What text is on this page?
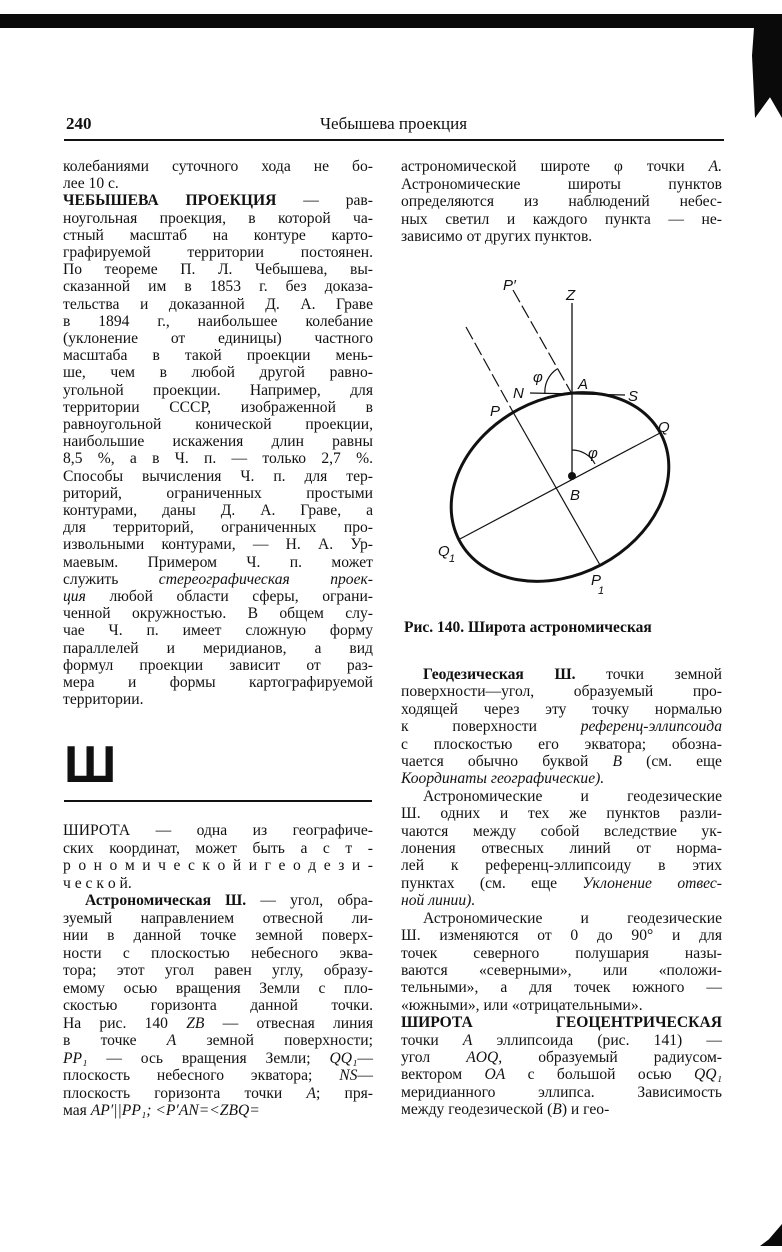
240	Чебышева проекция
колебаниями суточного хода не бо-
лее 10 с.
ЧЕБЫШЕВА ПРОЕКЦИЯ — рав-
ноугольная проекция, в которой ча-
стный масштаб на контуре карто-
графируемой территории постоянен.
По теореме П. Л. Чебышева, вы-
сказанной им в 1853 г. без доказа-
тельства и доказанной Д. А. Граве
в 1894 г., наибольшее колебание
(уклонение от единицы) частного
масштаба в такой проекции мень-
ше, чем в любой другой равно-
угольной проекции. Например, для
территории СССР, изображенной в
равноугольной конической проекции,
наибольшие искажения длин равны
8,5 %, а в Ч. п. — только 2,7 %.
Способы вычисления Ч. п. для тер-
риторий, ограниченных простыми
контурами, даны Д. А. Граве, а
для территорий, ограниченных про-
извольными контурами, — Н. А. Ур-
маевым. Примером Ч. п. может
служить стереографическая проек-
ция любой области сферы, ограни-
ченной окружностью. В общем слу-
чае Ч. п. имеет сложную форму
параллелей и меридианов, а вид
формул проекции зависит от раз-
мера и формы картографируемой
территории.
Ш
ШИРОТА — одна из географиче-
ских координат, может быть а с т -
р о н о м и ч е с к о й и г е о д е з и -
ч е с к о й.
Астрономическая Ш. — угол, обра-
зуемый направлением отвесной ли-
нии в данной точке земной поверх-
ности с плоскостью небесного эква-
тора; этот угол равен углу, образу-
емому осью вращения Земли с пло-
скостью горизонта данной точки.
На рис. 140 ZB — отвесная линия
в точке A земной поверхности;
PP₁ — ось вращения Земли; QQ₁—
плоскость небесного экватора; NS—
плоскость горизонта точки A; пря-
мая AP′||PP₁; <P′AN=<ZBQ=
астрономической широте φ точки A.
Астрономические широты пунктов
определяются из наблюдений небес-
ных светил и каждого пункта — не-
зависимо от других пунктов.
P′
Z
φ A
N	S
P
Q
φ
B
Q 1
P
1
Рис. 140. Широта астрономическая
Геодезическая Ш. точки земной
поверхности—угол, образуемый про-
ходящей через эту точку нормалью
к поверхности референц-эллипсоида
с плоскостью его экватора; обозна-
чается обычно буквой B (см. еще
Координаты географические).
Астрономические и геодезические
Ш. одних и тех же пунктов разли-
чаются между собой вследствие ук-
лонения отвесных линий от норма-
лей к референц-эллипсоиду в этих
пунктах (см. еще Уклонение отвес-
ной линии).
Астрономические и геодезические
Ш. изменяются от 0 до 90° и для
точек северного полушария назы-
ваются «северными», или «положи-
тельными», а для точек южного —
«южными», или «отрицательными».
ШИРОТА ГЕОЦЕНТРИЧЕСКАЯ
точки A эллипсоида (рис. 141) —
угол AOQ, образуемый радиусом-
вектором OA с большой осью QQ₁
меридианного эллипса. Зависимость
между геодезической (B) и гео-
